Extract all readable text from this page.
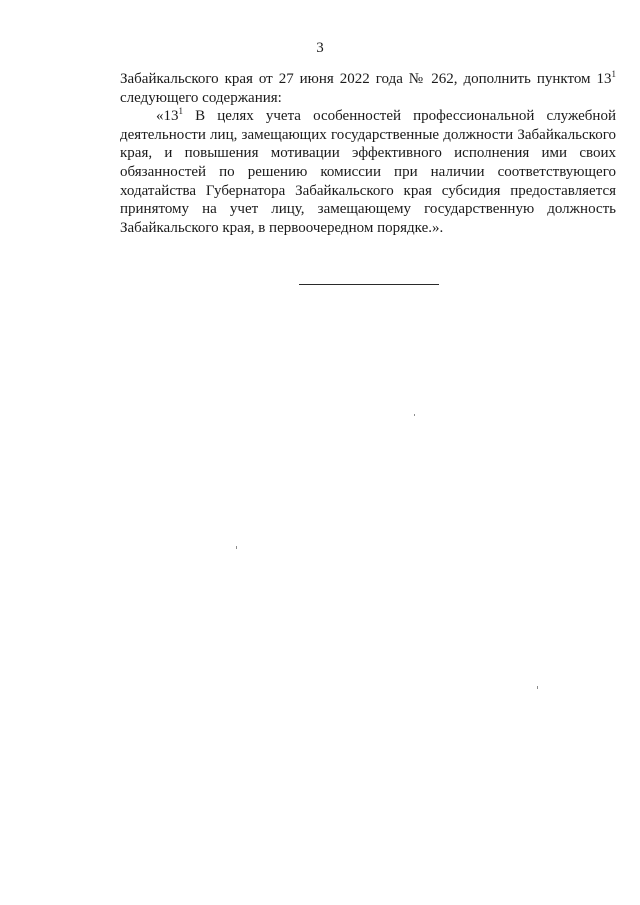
3

Забайкальского края от 27 июня 2022 года № 262, дополнить пунктом $13^1$ следующего содержания:

«$13^1$ В целях учета особенностей профессиональной служебной деятельности лиц, замещающих государственные должности Забайкальского края, и повышения мотивации эффективного исполнения ими своих обязанностей по решению комиссии при наличии соответствующего ходатайства Губернатора Забайкальского края субсидия предоставляется принятому на учет лицу, замещающему государственную должность Забайкальского края, в первоочередном порядке.».
